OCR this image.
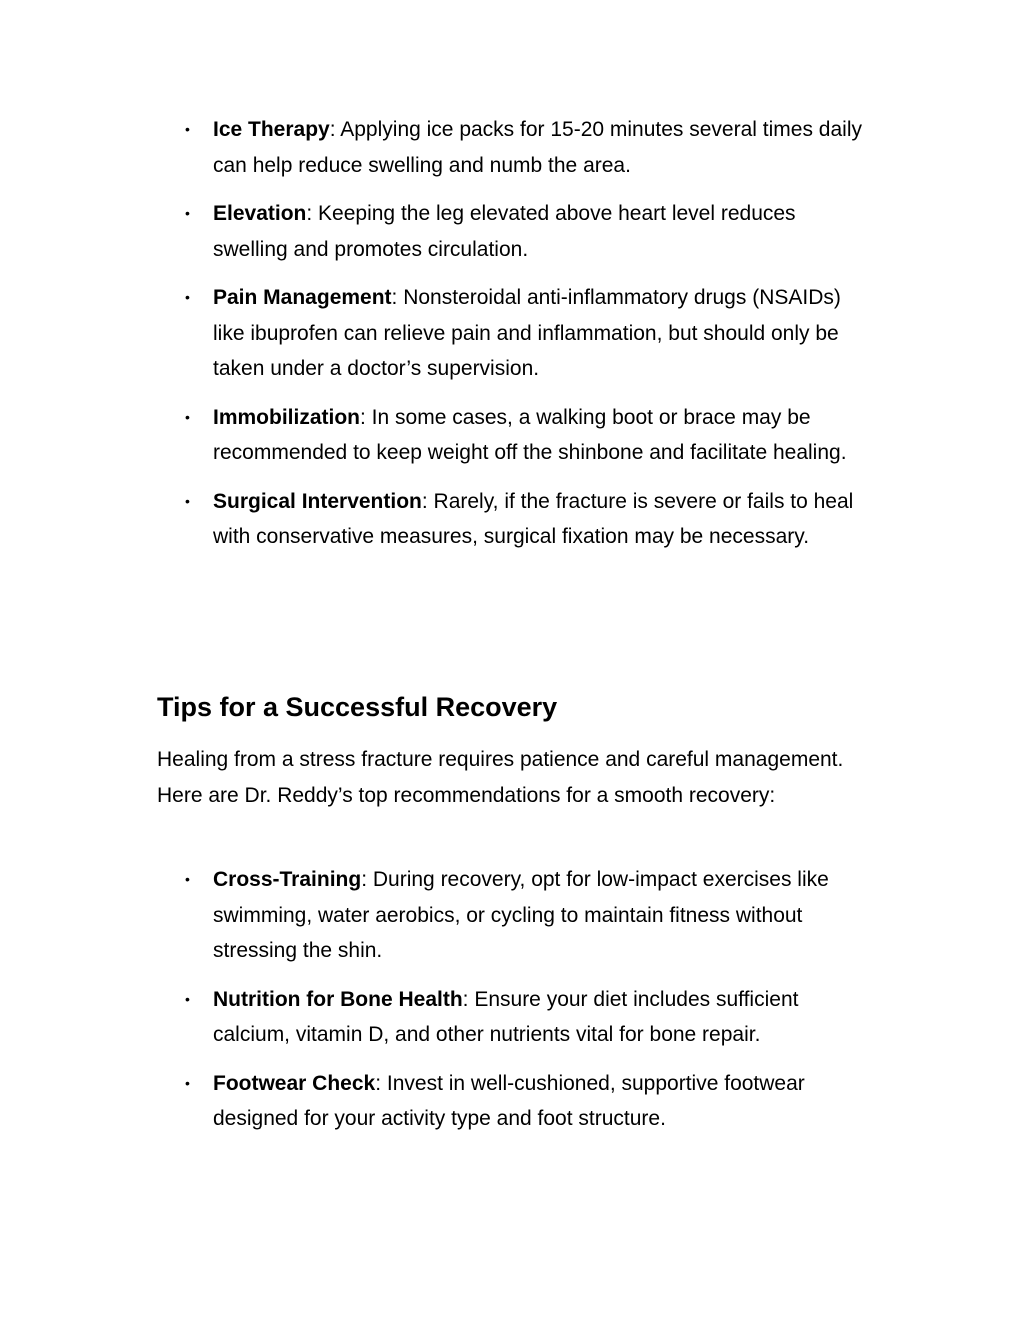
• Ice Therapy: Applying ice packs for 15-20 minutes several times daily can help reduce swelling and numb the area.
• Elevation: Keeping the leg elevated above heart level reduces swelling and promotes circulation.
• Pain Management: Nonsteroidal anti-inflammatory drugs (NSAIDs) like ibuprofen can relieve pain and inflammation, but should only be taken under a doctor’s supervision.
• Immobilization: In some cases, a walking boot or brace may be recommended to keep weight off the shinbone and facilitate healing.
• Surgical Intervention: Rarely, if the fracture is severe or fails to heal with conservative measures, surgical fixation may be necessary.
Tips for a Successful Recovery

Healing from a stress fracture requires patience and careful management. Here are Dr. Reddy’s top recommendations for a smooth recovery:

• Cross-Training: During recovery, opt for low-impact exercises like swimming, water aerobics, or cycling to maintain fitness without stressing the shin.
• Nutrition for Bone Health: Ensure your diet includes sufficient calcium, vitamin D, and other nutrients vital for bone repair.
• Footwear Check: Invest in well-cushioned, supportive footwear designed for your activity type and foot structure.
